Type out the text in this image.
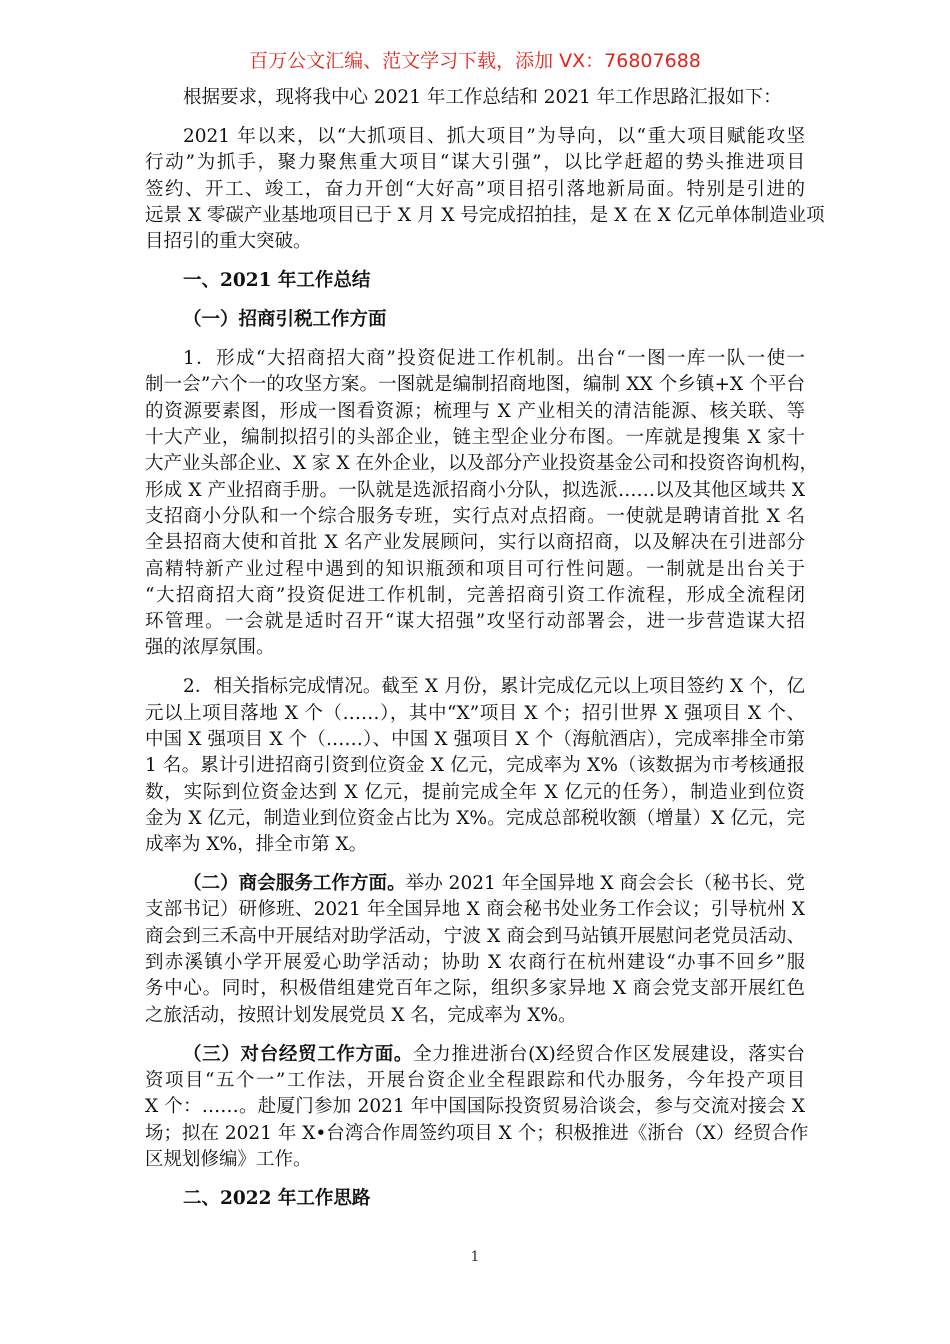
百万公文汇编、范文学习下载，添加 VX：76807688
根据要求，现将我中心 2021 年工作总结和 2021 年工作思路汇报如下：
2021 年以来，以“大抓项目、抓大项目”为导向，以“重大项目赋能攻坚
行动”为抓手，聚力聚焦重大项目“谋大引强”，以比学赶超的势头推进项目
签约、开工、竣工，奋力开创“大好高”项目招引落地新局面。特别是引进的
远景 X 零碳产业基地项目已于 X 月 X 号完成招拍挂，是 X 在 X 亿元单体制造业项
目招引的重大突破。
一、2021 年工作总结
（一）招商引税工作方面
1．形成“大招商招大商”投资促进工作机制。出台“一图一库一队一使一
制一会”六个一的攻坚方案。一图就是编制招商地图，编制 XX 个乡镇+X 个平台
的资源要素图，形成一图看资源；梳理与 X 产业相关的清洁能源、核关联、等
十大产业，编制拟招引的头部企业，链主型企业分布图。一库就是搜集 X 家十
大产业头部企业、X 家 X 在外企业，以及部分产业投资基金公司和投资咨询机构，
形成 X 产业招商手册。一队就是选派招商小分队，拟选派……以及其他区域共 X
支招商小分队和一个综合服务专班，实行点对点招商。一使就是聘请首批 X 名
全县招商大使和首批 X 名产业发展顾问，实行以商招商，以及解决在引进部分
高精特新产业过程中遇到的知识瓶颈和项目可行性问题。一制就是出台关于
“大招商招大商”投资促进工作机制，完善招商引资工作流程，形成全流程闭
环管理。一会就是适时召开“谋大招强”攻坚行动部署会，进一步营造谋大招
强的浓厚氛围。
2．相关指标完成情况。截至 X 月份，累计完成亿元以上项目签约 X 个，亿
元以上项目落地 X 个（……），其中“X”项目 X 个；招引世界 X 强项目 X 个、
中国 X 强项目 X 个（……）、中国 X 强项目 X 个（海航酒店），完成率排全市第
1 名。累计引进招商引资到位资金 X 亿元，完成率为 X%（该数据为市考核通报
数，实际到位资金达到 X 亿元，提前完成全年 X 亿元的任务），制造业到位资
金为 X 亿元，制造业到位资金占比为 X%。完成总部税收额（增量）X 亿元，完
成率为 X%，排全市第 X。
（二）商会服务工作方面。举办 2021 年全国异地 X 商会会长（秘书长、党
支部书记）研修班、2021 年全国异地 X 商会秘书处业务工作会议；引导杭州 X
商会到三禾高中开展结对助学活动，宁波 X 商会到马站镇开展慰问老党员活动、
到赤溪镇小学开展爱心助学活动；协助 X 农商行在杭州建设“办事不回乡”服
务中心。同时，积极借组建党百年之际，组织多家异地 X 商会党支部开展红色
之旅活动，按照计划发展党员 X 名，完成率为 X%。
（三）对台经贸工作方面。全力推进浙台(X)经贸合作区发展建设，落实台
资项目“五个一”工作法，开展台资企业全程跟踪和代办服务，今年投产项目
X 个：……。赴厦门参加 2021 年中国国际投资贸易洽谈会，参与交流对接会 X
场；拟在 2021 年 X•台湾合作周签约项目 X 个；积极推进《浙台（X）经贸合作
区规划修编》工作。
二、2022 年工作思路
1
